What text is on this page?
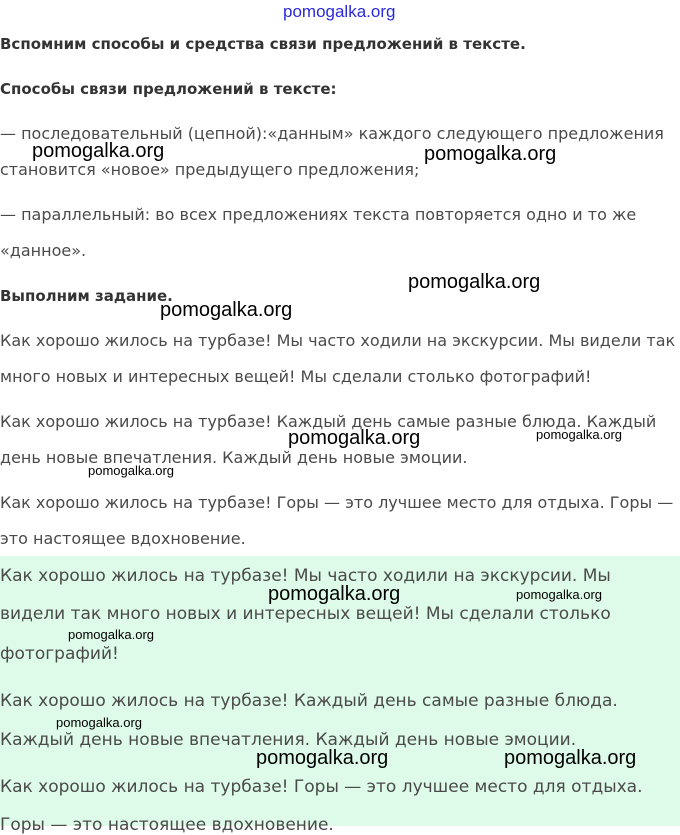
pomogalka.org
Вспомним способы и средства связи предложений в тексте.
Способы связи предложений в тексте:
— последовательный (цепной):«данным» каждого следующего предложения
становится «новое» предыдущего предложения;
— параллельный: во всех предложениях текста повторяется одно и то же
«данное».
Выполним задание.
Как хорошо жилось на турбазе! Мы часто ходили на экскурсии. Мы видели так
много новых и интересных вещей! Мы сделали столько фотографий!
Как хорошо жилось на турбазе! Каждый день самые разные блюда. Каждый
день новые впечатления. Каждый день новые эмоции.
Как хорошо жилось на турбазе! Горы — это лучшее место для отдыха. Горы —
это настоящее вдохновение.
Как хорошо жилось на турбазе! Мы часто ходили на экскурсии. Мы
видели так много новых и интересных вещей! Мы сделали столько
фотографий!
Как хорошо жилось на турбазе! Каждый день самые разные блюда.
Каждый день новые впечатления. Каждый день новые эмоции.
Как хорошо жилось на турбазе! Горы — это лучшее место для отдыха.
Горы — это настоящее вдохновение.
pomogalka.org	pomogalka.org
pomogalka.org
pomogalka.org
pomogalka.org	pomogalka.org
pomogalka.org
pomogalka.org	pomogalka.org
pomogalka.org
pomogalka.org
pomogalka.org	pomogalka.org
